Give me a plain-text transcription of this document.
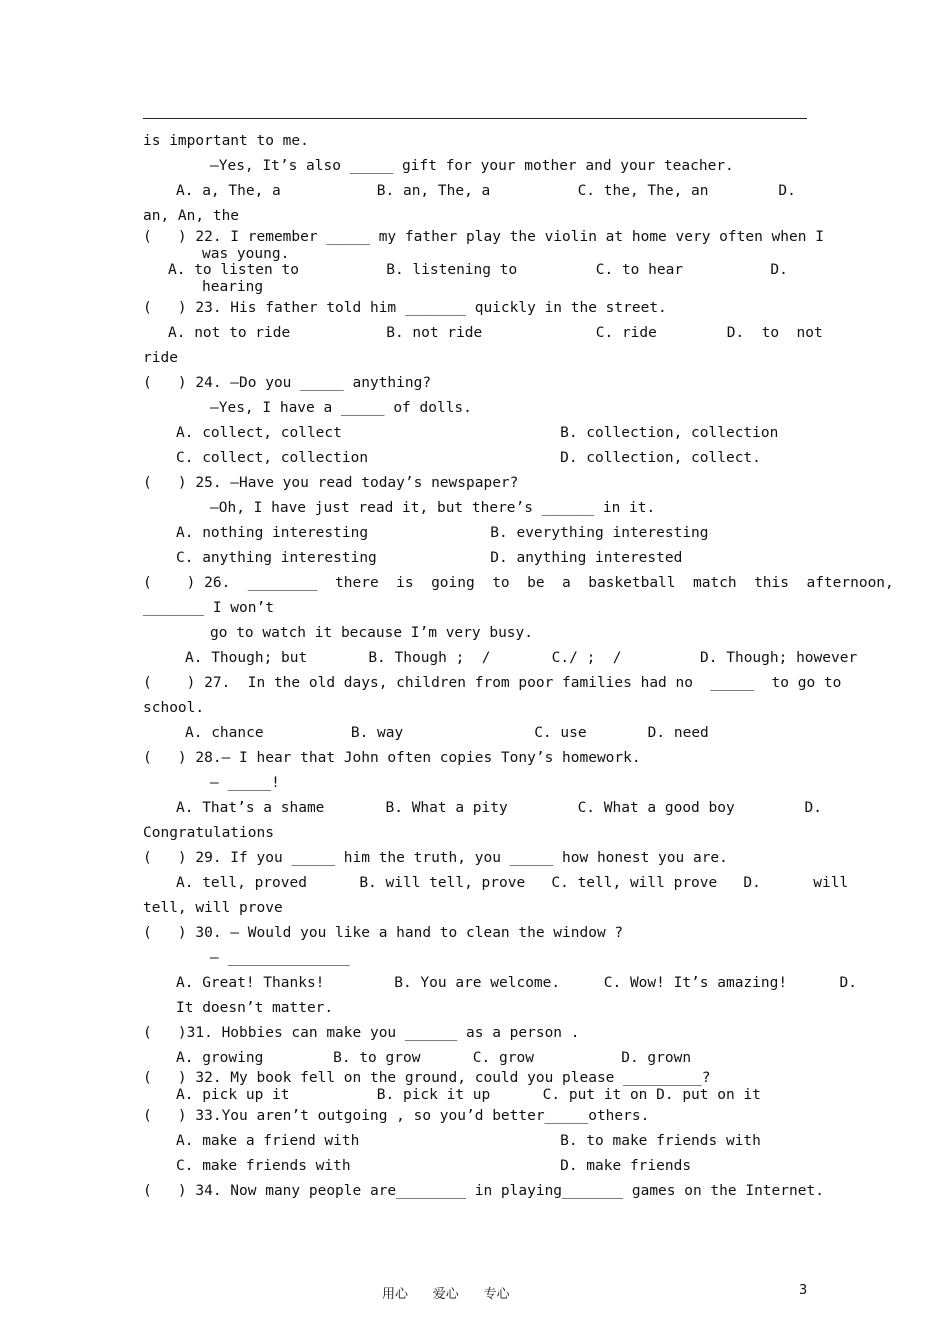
is important to me.
—Yes, It’s also _____ gift for your mother and your teacher.
A. a, The, a           B. an, The, a          C. the, The, an        D.
an, An, the
(   ) 22. I remember _____ my father play the violin at home very often when I
was young.
A. to listen to          B. listening to         C. to hear          D.
hearing
(   ) 23. His father told him _______ quickly in the street.
A. not to ride           B. not ride             C. ride        D.  to  not
ride
(   ) 24. —Do you _____ anything?
—Yes, I have a _____ of dolls.
A. collect, collect                         B. collection, collection
C. collect, collection                      D. collection, collect.
(   ) 25. —Have you read today’s newspaper?
—Oh, I have just read it, but there’s ______ in it.
A. nothing interesting              B. everything interesting
C. anything interesting             D. anything interested
(    ) 26.  ________  there  is  going  to  be  a  basketball  match  this  afternoon,
_______ I won’t
go to watch it because I’m very busy.
A. Though; but       B. Though ;  /       C./ ;  /         D. Though; however
(    ) 27.  In the old days, children from poor families had no  _____  to go to
school.
A. chance          B. way               C. use       D. need
(   ) 28.— I hear that John often copies Tony’s homework.
— _____!
A. That’s a shame       B. What a pity        C. What a good boy        D.
Congratulations
(   ) 29. If you _____ him the truth, you _____ how honest you are.
A. tell, proved      B. will tell, prove   C. tell, will prove   D.      will
tell, will prove
(   ) 30. — Would you like a hand to clean the window ?
— ______________
A. Great! Thanks!        B. You are welcome.     C. Wow! It’s amazing!      D.
It doesn’t matter.
(   )31. Hobbies can make you ______ as a person .
A. growing        B. to grow      C. grow          D. grown
(   ) 32. My book fell on the ground, could you please _________?
A. pick up it          B. pick it up      C. put it on D. put on it
(   ) 33.You aren’t outgoing , so you’d better_____others.
A. make a friend with                       B. to make friends with
C. make friends with                        D. make friends
(   ) 34. Now many people are________ in playing_______ games on the Internet.
用心      爱心      专心	3
